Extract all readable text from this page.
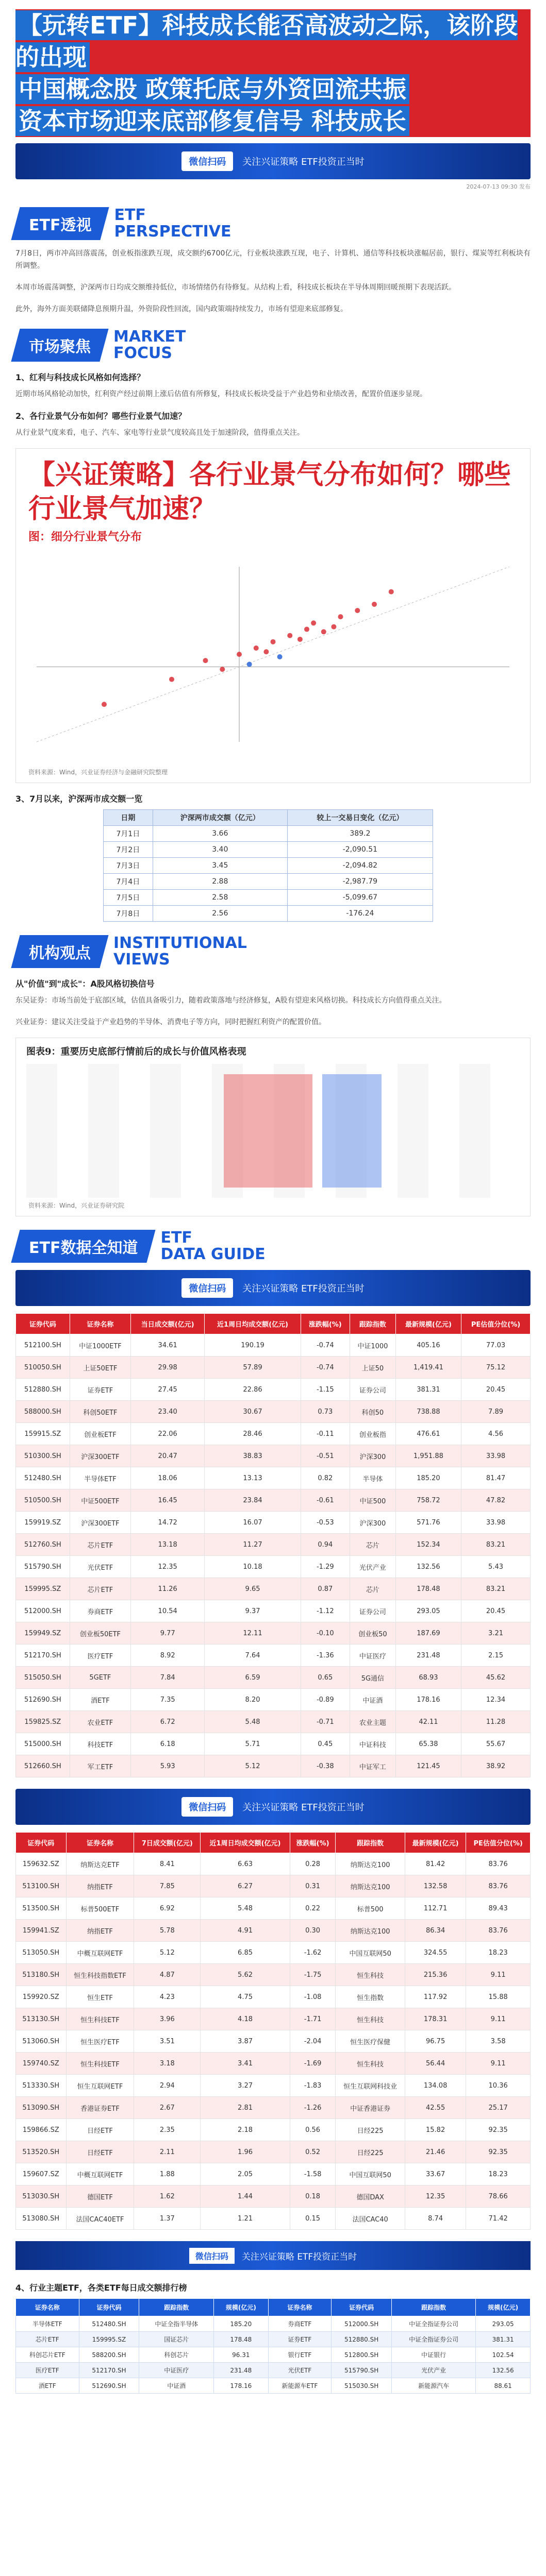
【玩转ETF】科技成长能否高波动之际，该阶段的出现
中国概念股 政策托底与外资回流共振
资本市场迎来底部修复信号 科技成长
微信扫码	关注兴证策略 ETF投资正当时
2024-07-13 09:30 发布
ETF透视
ETF
PERSPECTIVE

7月8日，两市冲高回落震荡，创业板指涨跌互现，成交额约6700亿元，行业板块涨跌互现，电子、计算机、通信等科技板块涨幅居前，银行、煤炭等红利板块有所调整。

本周市场震荡调整，沪深两市日均成交额维持低位，市场情绪仍有待修复。从结构上看，科技成长板块在半导体周期回暖预期下表现活跃。

此外，海外方面美联储降息预期升温，外资阶段性回流，国内政策端持续发力，市场有望迎来底部修复。

市场聚焦
MARKET
FOCUS
1、红利与科技成长风格如何选择？

近期市场风格轮动加快，红利资产经过前期上涨后估值有所修复，科技成长板块受益于产业趋势和业绩改善，配置价值逐步显现。

2、各行业景气分布如何？哪些行业景气加速？

从行业景气度来看，电子、汽车、家电等行业景气度较高且处于加速阶段，值得重点关注。

【兴证策略】各行业景气分布如何？哪些行业景气加速？
图：细分行业景气分布
资料来源：Wind，兴业证券经济与金融研究院整理
3、7月以来，沪深两市成交额一览
日期	沪深两市成交额（亿元）	较上一交易日变化（亿元）
7月1日	3.66	389.2
7月2日	3.40	-2,090.51
7月3日	3.45	-2,094.82
7月4日	2.88	-2,987.79
7月5日	2.58	-5,099.67
7月8日	2.56	-176.24
机构观点
INSTITUTIONAL
VIEWS
从"价值"到"成长"：A股风格切换信号

东吴证券：市场当前处于底部区域，估值具备吸引力，随着政策落地与经济修复，A股有望迎来风格切换。科技成长方向值得重点关注。

兴业证券：建议关注受益于产业趋势的半导体、消费电子等方向，同时把握红利资产的配置价值。

图表9：重要历史底部行情前后的成长与价值风格表现
资料来源：Wind，兴业证券研究院
ETF数据全知道
ETF
DATA GUIDE
微信扫码	关注兴证策略 ETF投资正当时
证券代码	证券名称	当日成交额(亿元)	近1周日均成交额(亿元)	涨跌幅(%)	跟踪指数	最新规模(亿元)	PE估值分位(%)
512100.SH	中证1000ETF	34.61	190.19	-0.74	中证1000	405.16	77.03
510050.SH	上证50ETF	29.98	57.89	-0.74	上证50	1,419.41	75.12
512880.SH	证券ETF	27.45	22.86	-1.15	证券公司	381.31	20.45
588000.SH	科创50ETF	23.40	30.67	0.73	科创50	738.88	7.89
159915.SZ	创业板ETF	22.06	28.46	-0.11	创业板指	476.61	4.56
510300.SH	沪深300ETF	20.47	38.83	-0.51	沪深300	1,951.88	33.98
512480.SH	半导体ETF	18.06	13.13	0.82	半导体	185.20	81.47
510500.SH	中证500ETF	16.45	23.84	-0.61	中证500	758.72	47.82
159919.SZ	沪深300ETF	14.72	16.07	-0.53	沪深300	571.76	33.98
512760.SH	芯片ETF	13.18	11.27	0.94	芯片	152.34	83.21
515790.SH	光伏ETF	12.35	10.18	-1.29	光伏产业	132.56	5.43
159995.SZ	芯片ETF	11.26	9.65	0.87	芯片	178.48	83.21
512000.SH	券商ETF	10.54	9.37	-1.12	证券公司	293.05	20.45
159949.SZ	创业板50ETF	9.77	12.11	-0.10	创业板50	187.69	3.21
512170.SH	医疗ETF	8.92	7.64	-1.36	中证医疗	231.48	2.15
515050.SH	5GETF	7.84	6.59	0.65	5G通信	68.93	45.62
512690.SH	酒ETF	7.35	8.20	-0.89	中证酒	178.16	12.34
159825.SZ	农业ETF	6.72	5.48	-0.71	农业主题	42.11	11.28
515000.SH	科技ETF	6.18	5.71	0.45	中证科技	65.38	55.67
512660.SH	军工ETF	5.93	5.12	-0.38	中证军工	121.45	38.92
微信扫码	关注兴证策略 ETF投资正当时
证券代码	证券名称	7日成交额(亿元)	近1周日均成交额(亿元)	涨跌幅(%)	跟踪指数	最新规模(亿元)	PE估值分位(%)
159632.SZ	纳斯达克ETF	8.41	6.63	0.28	纳斯达克100	81.42	83.76
513100.SH	纳指ETF	7.85	6.27	0.31	纳斯达克100	132.58	83.76
513500.SH	标普500ETF	6.92	5.48	0.22	标普500	112.71	89.43
159941.SZ	纳指ETF	5.78	4.91	0.30	纳斯达克100	86.34	83.76
513050.SH	中概互联网ETF	5.12	6.85	-1.62	中国互联网50	324.55	18.23
513180.SH	恒生科技指数ETF	4.87	5.62	-1.75	恒生科技	215.36	9.11
159920.SZ	恒生ETF	4.23	4.75	-1.08	恒生指数	117.92	15.88
513130.SH	恒生科技ETF	3.96	4.18	-1.71	恒生科技	178.31	9.11
513060.SH	恒生医疗ETF	3.51	3.87	-2.04	恒生医疗保健	96.75	3.58
159740.SZ	恒生科技ETF	3.18	3.41	-1.69	恒生科技	56.44	9.11
513330.SH	恒生互联网ETF	2.94	3.27	-1.83	恒生互联网科技业	134.08	10.36
513090.SH	香港证券ETF	2.67	2.81	-1.26	中证香港证券	42.55	25.17
159866.SZ	日经ETF	2.35	2.18	0.56	日经225	15.82	92.35
513520.SH	日经ETF	2.11	1.96	0.52	日经225	21.46	92.35
159607.SZ	中概互联网ETF	1.88	2.05	-1.58	中国互联网50	33.67	18.23
513030.SH	德国ETF	1.62	1.44	0.18	德国DAX	12.35	78.66
513080.SH	法国CAC40ETF	1.37	1.21	0.15	法国CAC40	8.74	71.42
微信扫码	关注兴证策略 ETF投资正当时
4、行业主题ETF，各类ETF每日成交额排行榜
证券名称	证券代码	跟踪指数	规模(亿元)	证券名称	证券代码	跟踪指数	规模(亿元)
半导体ETF	512480.SH	中证全指半导体	185.20	券商ETF	512000.SH	中证全指证券公司	293.05
芯片ETF	159995.SZ	国证芯片	178.48	证券ETF	512880.SH	中证全指证券公司	381.31
科创芯片ETF	588200.SH	科创芯片	96.31	银行ETF	512800.SH	中证银行	102.54
医疗ETF	512170.SH	中证医疗	231.48	光伏ETF	515790.SH	光伏产业	132.56
酒ETF	512690.SH	中证酒	178.16	新能源车ETF	515030.SH	新能源汽车	88.61
